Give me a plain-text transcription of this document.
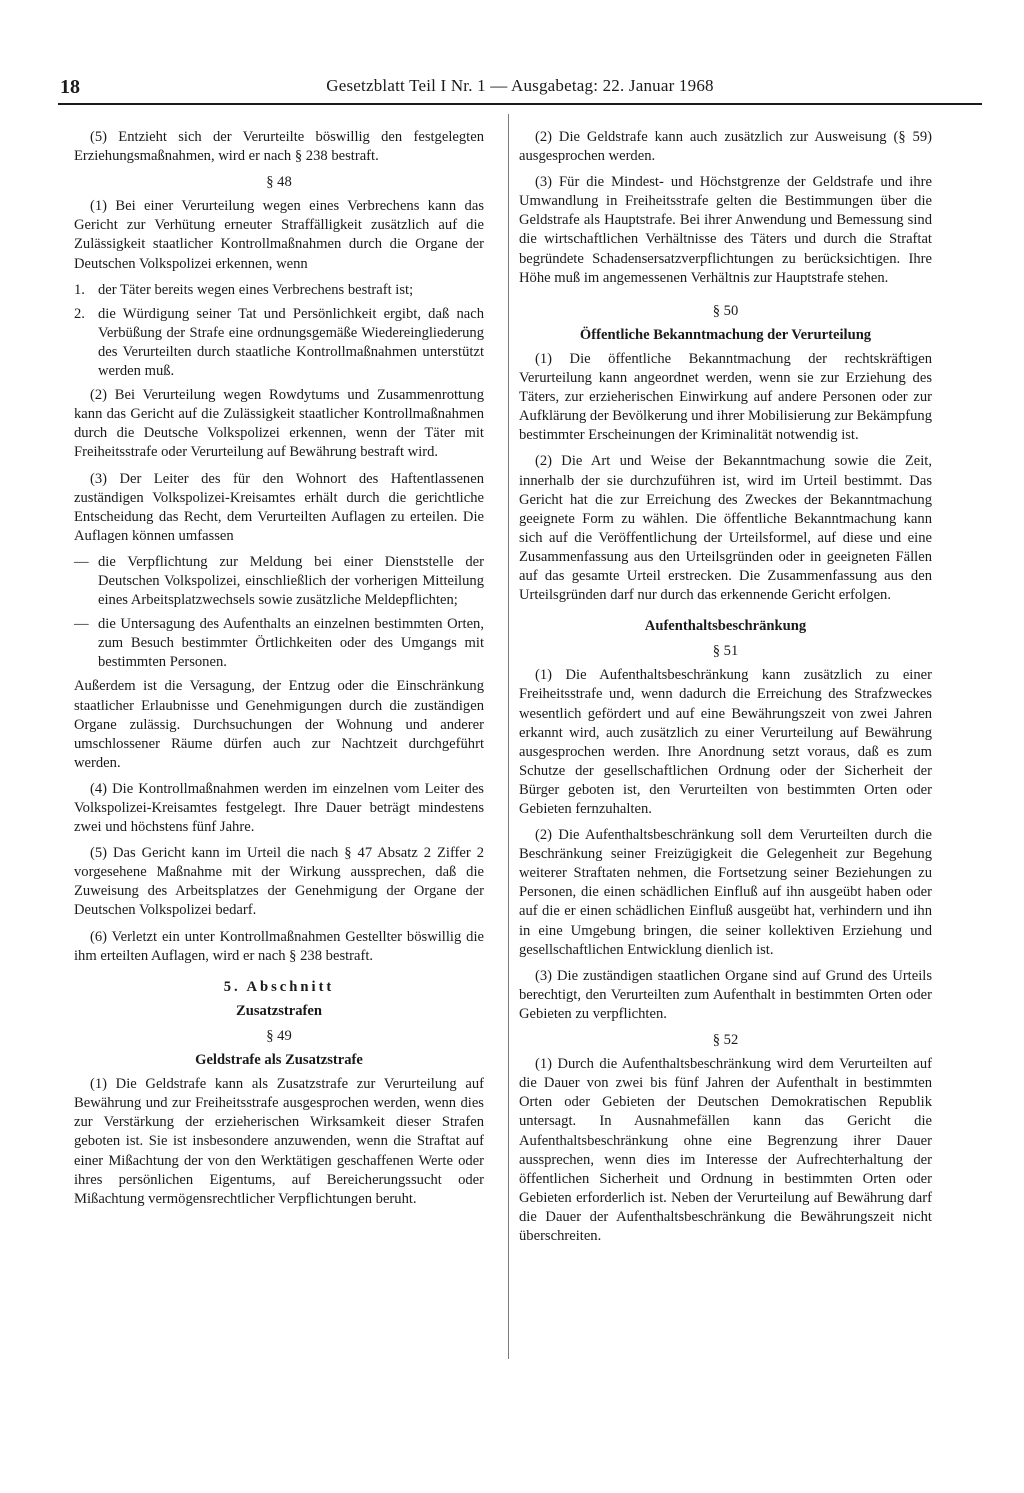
18	Gesetzblatt Teil I Nr. 1 — Ausgabetag: 22. Januar 1968

(5) Entzieht sich der Verurteilte böswillig den festgelegten Erziehungsmaßnahmen, wird er nach § 238 bestraft.

§ 48

(1) Bei einer Verurteilung wegen eines Verbrechens kann das Gericht zur Verhütung erneuter Straffälligkeit zusätzlich auf die Zulässigkeit staatlicher Kontrollmaßnahmen durch die Organe der Deutschen Volkspolizei erkennen, wenn

1. der Täter bereits wegen eines Verbrechens bestraft ist;
2. die Würdigung seiner Tat und Persönlichkeit ergibt, daß nach Verbüßung der Strafe eine ordnungsgemäße Wiedereingliederung des Verurteilten durch staatliche Kontrollmaßnahmen unterstützt werden muß.

(2) Bei Verurteilung wegen Rowdytums und Zusammenrottung kann das Gericht auf die Zulässigkeit staatlicher Kontrollmaßnahmen durch die Deutsche Volkspolizei erkennen, wenn der Täter mit Freiheitsstrafe oder Verurteilung auf Bewährung bestraft wird.

(3) Der Leiter des für den Wohnort des Haftentlassenen zuständigen Volkspolizei-Kreisamtes erhält durch die gerichtliche Entscheidung das Recht, dem Verurteilten Auflagen zu erteilen. Die Auflagen können umfassen

— die Verpflichtung zur Meldung bei einer Dienststelle der Deutschen Volkspolizei, einschließlich der vorherigen Mitteilung eines Arbeitsplatzwechsels sowie zusätzliche Meldepflichten;
— die Untersagung des Aufenthalts an einzelnen bestimmten Orten, zum Besuch bestimmter Örtlichkeiten oder des Umgangs mit bestimmten Personen.

Außerdem ist die Versagung, der Entzug oder die Einschränkung staatlicher Erlaubnisse und Genehmigungen durch die zuständigen Organe zulässig. Durchsuchungen der Wohnung und anderer umschlossener Räume dürfen auch zur Nachtzeit durchgeführt werden.

(4) Die Kontrollmaßnahmen werden im einzelnen vom Leiter des Volkspolizei-Kreisamtes festgelegt. Ihre Dauer beträgt mindestens zwei und höchstens fünf Jahre.

(5) Das Gericht kann im Urteil die nach § 47 Absatz 2 Ziffer 2 vorgesehene Maßnahme mit der Wirkung aussprechen, daß die Zuweisung des Arbeitsplatzes der Genehmigung der Organe der Deutschen Volkspolizei bedarf.

(6) Verletzt ein unter Kontrollmaßnahmen Gestellter böswillig die ihm erteilten Auflagen, wird er nach § 238 bestraft.

5. Abschnitt
Zusatzstrafen
§ 49
Geldstrafe als Zusatzstrafe

(1) Die Geldstrafe kann als Zusatzstrafe zur Verurteilung auf Bewährung und zur Freiheitsstrafe ausgesprochen werden, wenn dies zur Verstärkung der erzieherischen Wirksamkeit dieser Strafen geboten ist. Sie ist insbesondere anzuwenden, wenn die Straftat auf einer Mißachtung der von den Werktätigen geschaffenen Werte oder ihres persönlichen Eigentums, auf Bereicherungssucht oder Mißachtung vermögensrechtlicher Verpflichtungen beruht.

(2) Die Geldstrafe kann auch zusätzlich zur Ausweisung (§ 59) ausgesprochen werden.

(3) Für die Mindest- und Höchstgrenze der Geldstrafe und ihre Umwandlung in Freiheitsstrafe gelten die Bestimmungen über die Geldstrafe als Hauptstrafe. Bei ihrer Anwendung und Bemessung sind die wirtschaftlichen Verhältnisse des Täters und durch die Straftat begründete Schadensersatzverpflichtungen zu berücksichtigen. Ihre Höhe muß im angemessenen Verhältnis zur Hauptstrafe stehen.

§ 50
Öffentliche Bekanntmachung der Verurteilung

(1) Die öffentliche Bekanntmachung der rechtskräftigen Verurteilung kann angeordnet werden, wenn sie zur Erziehung des Täters, zur erzieherischen Einwirkung auf andere Personen oder zur Aufklärung der Bevölkerung und ihrer Mobilisierung zur Bekämpfung bestimmter Erscheinungen der Kriminalität notwendig ist.

(2) Die Art und Weise der Bekanntmachung sowie die Zeit, innerhalb der sie durchzuführen ist, wird im Urteil bestimmt. Das Gericht hat die zur Erreichung des Zweckes der Bekanntmachung geeignete Form zu wählen. Die öffentliche Bekanntmachung kann sich auf die Veröffentlichung der Urteilsformel, auf diese und eine Zusammenfassung aus den Urteilsgründen oder in geeigneten Fällen auf das gesamte Urteil erstrecken. Die Zusammenfassung aus den Urteilsgründen darf nur durch das erkennende Gericht erfolgen.

Aufenthaltsbeschränkung
§ 51

(1) Die Aufenthaltsbeschränkung kann zusätzlich zu einer Freiheitsstrafe und, wenn dadurch die Erreichung des Strafzweckes wesentlich gefördert und auf eine Bewährungszeit von zwei Jahren erkannt wird, auch zusätzlich zu einer Verurteilung auf Bewährung ausgesprochen werden. Ihre Anordnung setzt voraus, daß es zum Schutze der gesellschaftlichen Ordnung oder der Sicherheit der Bürger geboten ist, den Verurteilten von bestimmten Orten oder Gebieten fernzuhalten.

(2) Die Aufenthaltsbeschränkung soll dem Verurteilten durch die Beschränkung seiner Freizügigkeit die Gelegenheit zur Begehung weiterer Straftaten nehmen, die Fortsetzung seiner Beziehungen zu Personen, die einen schädlichen Einfluß auf ihn ausgeübt haben oder auf die er einen schädlichen Einfluß ausgeübt hat, verhindern und ihn in eine Umgebung bringen, die seiner kollektiven Erziehung und gesellschaftlichen Entwicklung dienlich ist.

(3) Die zuständigen staatlichen Organe sind auf Grund des Urteils berechtigt, den Verurteilten zum Aufenthalt in bestimmten Orten oder Gebieten zu verpflichten.

§ 52

(1) Durch die Aufenthaltsbeschränkung wird dem Verurteilten auf die Dauer von zwei bis fünf Jahren der Aufenthalt in bestimmten Orten oder Gebieten der Deutschen Demokratischen Republik untersagt. In Ausnahmefällen kann das Gericht die Aufenthaltsbeschränkung ohne eine Begrenzung ihrer Dauer aussprechen, wenn dies im Interesse der Aufrechterhaltung der öffentlichen Sicherheit und Ordnung in bestimmten Orten oder Gebieten erforderlich ist. Neben der Verurteilung auf Bewährung darf die Dauer der Aufenthaltsbeschränkung die Bewährungszeit nicht überschreiten.
